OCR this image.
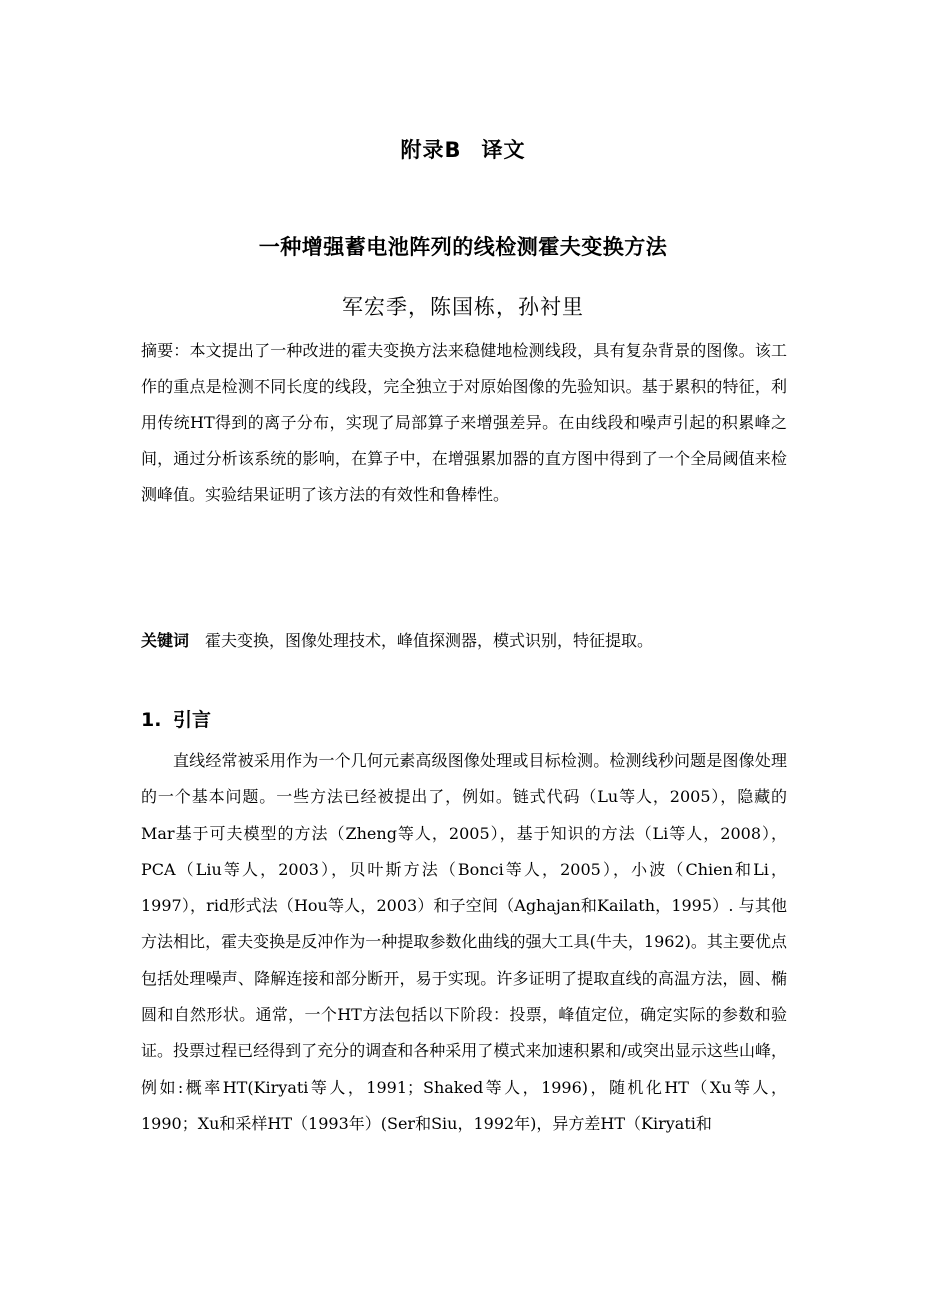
附录B 译文
一种增强蓄电池阵列的线检测霍夫变换方法
军宏季，陈国栋，孙衬里

摘要：本文提出了一种改进的霍夫变换方法来稳健地检测线段，具有复杂背景的图像。该工作的重点是检测不同长度的线段，完全独立于对原始图像的先验知识。基于累积的特征，利用传统HT得到的离子分布，实现了局部算子来增强差异。在由线段和噪声引起的积累峰之间，通过分析该系统的影响，在算子中，在增强累加器的直方图中得到了一个全局阈值来检测峰值。实验结果证明了该方法的有效性和鲁棒性。

关键词 霍夫变换，图像处理技术，峰值探测器，模式识别，特征提取。

1. 引言

直线经常被采用作为一个几何元素高级图像处理或目标检测。检测线秒问题是图像处理的一个基本问题。一些方法已经被提出了，例如。链式代码（Lu等人，2005），隐藏的Mar基于可夫模型的方法（Zheng等人，2005），基于知识的方法（Li等人，2008），PCA（Liu等人，2003），贝叶斯方法（Bonci等人，2005），小波（Chien和Li，1997），rid形式法（Hou等人，2003）和子空间（Aghajan和Kailath，1995）. 与其他方法相比，霍夫变换是反冲作为一种提取参数化曲线的强大工具(牛夫，1962)。其主要优点包括处理噪声、降解连接和部分断开，易于实现。许多证明了提取直线的高温方法，圆、椭圆和自然形状。通常，一个HT方法包括以下阶段：投票，峰值定位，确定实际的参数和验证。投票过程已经得到了充分的调查和各种采用了模式来加速积累和/或突出显示这些山峰，例如:概率HT(Kiryati等人，1991；Shaked等人，1996)，随机化HT（Xu等人，1990；Xu和采样HT（1993年）(Ser和Siu，1992年)，异方差HT（Kiryati和
